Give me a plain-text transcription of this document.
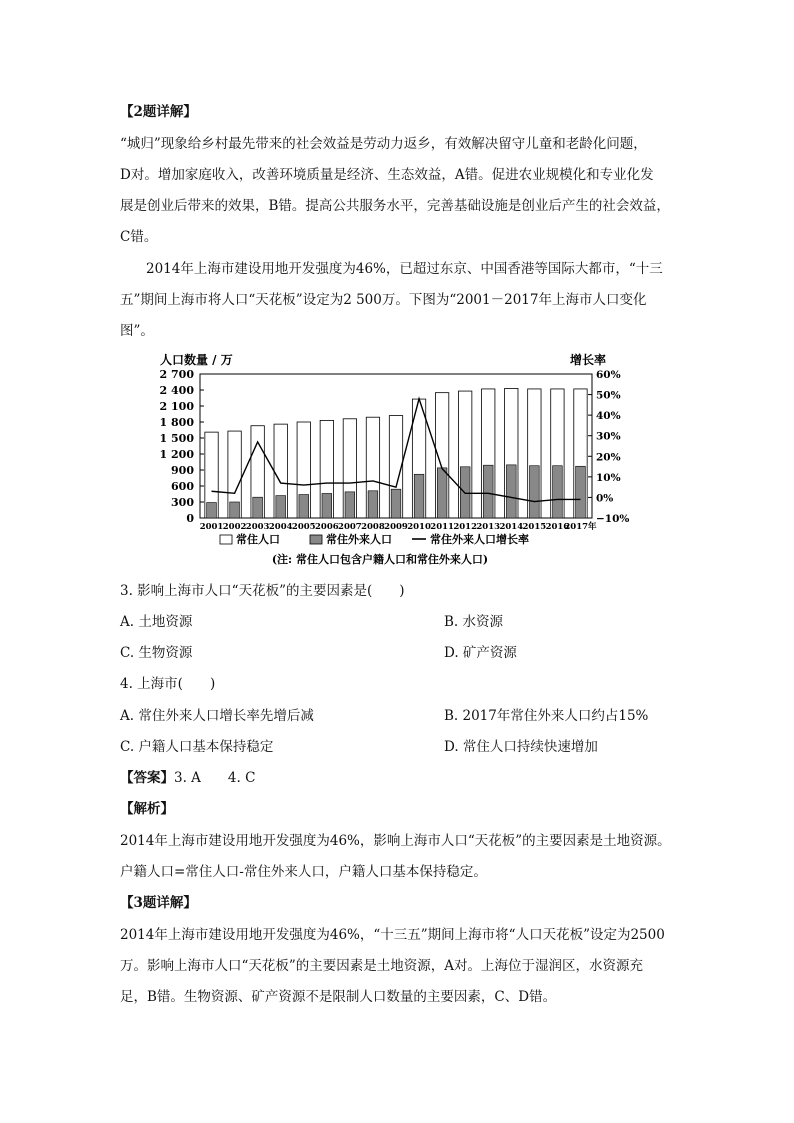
【2题详解】
“城归”现象给乡村最先带来的社会效益是劳动力返乡，有效解决留守儿童和老龄化问题，
D对。增加家庭收入，改善环境质量是经济、生态效益，A错。促进农业规模化和专业化发
展是创业后带来的效果，B错。提高公共服务水平，完善基础设施是创业后产生的社会效益，
C错。
2014年上海市建设用地开发强度为46%，已超过东京、中国香港等国际大都市，“十三
五”期间上海市将人口“天花板”设定为2 500万。下图为“2001－2017年上海市人口变化
图”。
人口数量 / 万	增长率
0
300
600
900
1 200
1 500
1 800
2 100
2 400
2 700
−10%
0%
10%
20%
30%
40%
50%
60%
2001 2002 2003 2004 2005 2006 2007 2008 2009 2010 2011 2012 2013 2014 2015 2016
2017年
常住人口	常住外来人口	常住外来人口增长率
(注: 常住人口包含户籍人口和常住外来人口)
3. 影响上海市人口“天花板”的主要因素是(　　)
A. 土地资源	B. 水资源
C. 生物资源	D. 矿产资源
4. 上海市(　　)
A. 常住外来人口增长率先增后减	B. 2017年常住外来人口约占15%
C. 户籍人口基本保持稳定	D. 常住人口持续快速增加
【答案】3. A　　4. C
【解析】
2014年上海市建设用地开发强度为46%，影响上海市人口“天花板”的主要因素是土地资源。
户籍人口=常住人口-常住外来人口，户籍人口基本保持稳定。
【3题详解】
2014年上海市建设用地开发强度为46%，“十三五”期间上海市将“人口天花板”设定为2500
万。影响上海市人口“天花板”的主要因素是土地资源，A对。上海位于湿润区，水资源充
足，B错。生物资源、矿产资源不是限制人口数量的主要因素，C、D错。
